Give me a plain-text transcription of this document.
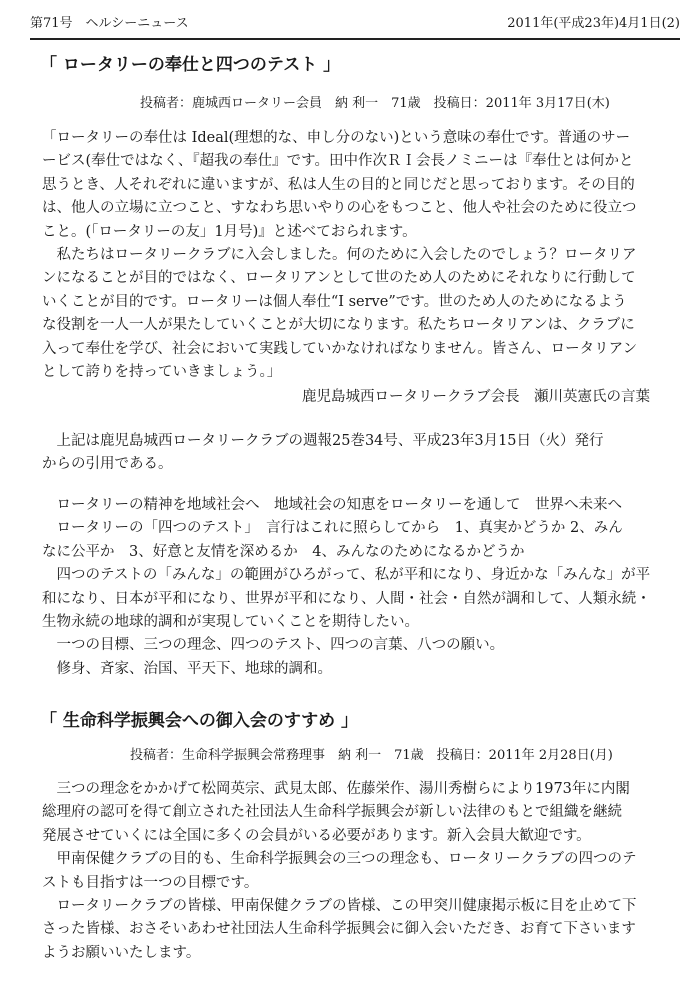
第71号　ヘルシーニュース	2011年(平成23年)4月1日(2)
「 ロータリーの奉仕と四つのテスト 」
投稿者：鹿城西ロータリー会員　納 利一　71歳　投稿日：2011年 3月17日(木)
「ロータリーの奉仕は Ideal(理想的な、申し分のない)という意味の奉仕です。普通のサー
ービス(奉仕ではなく、『超我の奉仕』です。田中作次ＲＩ会長ノミニーは『奉仕とは何かと
思うとき、人それぞれに違いますが、私は人生の目的と同じだと思っております。その目的
は、他人の立場に立つこと、すなわち思いやりの心をもつこと、他人や社会のために役立つ
こと。(「ロータリーの友」1月号)』と述べておられます。
　私たちはロータリークラブに入会しました。何のために入会したのでしょう？ロータリア
ンになることが目的ではなく、ロータリアンとして世のため人のためにそれなりに行動して
いくことが目的です。ロータリーは個人奉仕“I serve”です。世のため人のためになるよう
な役割を一人一人が果たしていくことが大切になります。私たちロータリアンは、クラブに
入って奉仕を学び、社会において実践していかなければなりません。皆さん、ロータリアン
として誇りを持っていきましょう。」
鹿児島城西ロータリークラブ会長　瀬川英憲氏の言葉
　上記は鹿児島城西ロータリークラブの週報25巻34号、平成23年3月15日（火）発行
からの引用である。
　ロータリーの精神を地域社会へ　地域社会の知恵をロータリーを通して　世界へ未来へ
　ロータリーの「四つのテスト」　言行はこれに照らしてから　1、真実かどうか 2、みん
なに公平か　3、好意と友情を深めるか　4、みんなのためになるかどうか
　四つのテストの「みんな」の範囲がひろがって、私が平和になり、身近かな「みんな」が平
和になり、日本が平和になり、世界が平和になり、人間・社会・自然が調和して、人類永続・
生物永続の地球的調和が実現していくことを期待したい。
　一つの目標、三つの理念、四つのテスト、四つの言葉、八つの願い。
　修身、斉家、治国、平天下、地球的調和。
「 生命科学振興会への御入会のすすめ 」
投稿者：生命科学振興会常務理事　納 利一　71歳　投稿日：2011年 2月28日(月)
　三つの理念をかかげて松岡英宗、武見太郎、佐藤栄作、湯川秀樹らにより1973年に内閣
総理府の認可を得て創立された社団法人生命科学振興会が新しい法律のもとで組織を継続
発展させていくには全国に多くの会員がいる必要があります。新入会員大歓迎です。
　甲南保健クラブの目的も、生命科学振興会の三つの理念も、ロータリークラブの四つのテ
ストも目指すは一つの目標です。
　ロータリークラブの皆様、甲南保健クラブの皆様、この甲突川健康掲示板に目を止めて下
さった皆様、おさそいあわせ社団法人生命科学振興会に御入会いただき、お育て下さいます
ようお願いいたします。
